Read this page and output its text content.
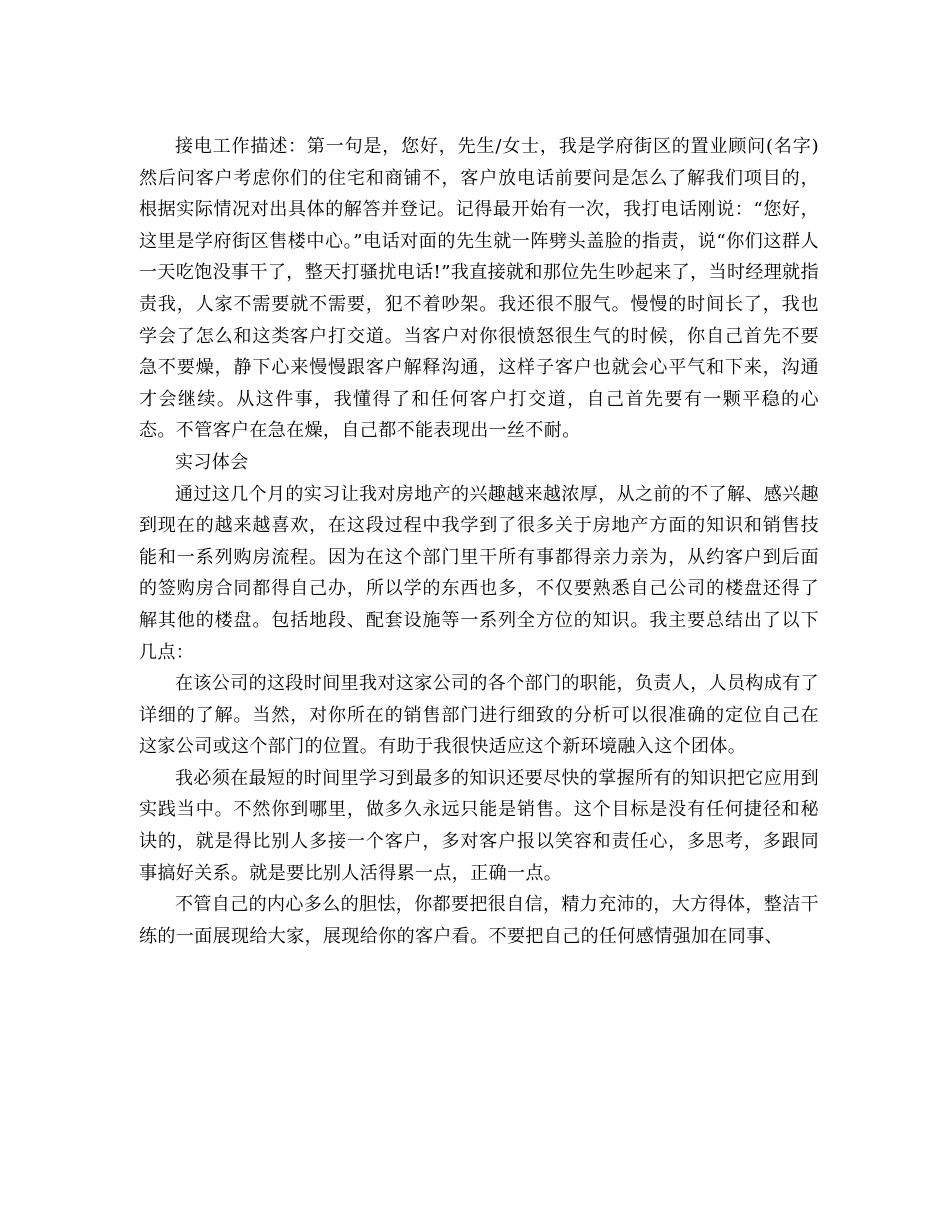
接电工作描述：第一句是，您好，先生/女士，我是学府街区的置业顾问(名字)然后问客户考虑你们的住宅和商铺不，客户放电话前要问是怎么了解我们项目的，根据实际情况对出具体的解答并登记。记得最开始有一次，我打电话刚说：“您好，这里是学府街区售楼中心。”电话对面的先生就一阵劈头盖脸的指责，说“你们这群人一天吃饱没事干了，整天打骚扰电话!”我直接就和那位先生吵起来了，当时经理就指责我，人家不需要就不需要，犯不着吵架。我还很不服气。慢慢的时间长了，我也学会了怎么和这类客户打交道。当客户对你很愤怒很生气的时候，你自己首先不要急不要燥，静下心来慢慢跟客户解释沟通，这样子客户也就会心平气和下来，沟通才会继续。从这件事，我懂得了和任何客户打交道，自己首先要有一颗平稳的心态。不管客户在急在燥，自己都不能表现出一丝不耐。

实习体会

通过这几个月的实习让我对房地产的兴趣越来越浓厚，从之前的不了解、感兴趣到现在的越来越喜欢，在这段过程中我学到了很多关于房地产方面的知识和销售技能和一系列购房流程。因为在这个部门里干所有事都得亲力亲为，从约客户到后面的签购房合同都得自己办，所以学的东西也多，不仅要熟悉自己公司的楼盘还得了解其他的楼盘。包括地段、配套设施等一系列全方位的知识。我主要总结出了以下几点：

在该公司的这段时间里我对这家公司的各个部门的职能，负责人，人员构成有了详细的了解。当然，对你所在的销售部门进行细致的分析可以很准确的定位自己在这家公司或这个部门的位置。有助于我很快适应这个新环境融入这个团体。

我必须在最短的时间里学习到最多的知识还要尽快的掌握所有的知识把它应用到实践当中。不然你到哪里，做多久永远只能是销售。这个目标是没有任何捷径和秘诀的，就是得比别人多接一个客户，多对客户报以笑容和责任心，多思考，多跟同事搞好关系。就是要比别人活得累一点，正确一点。

不管自己的内心多么的胆怯，你都要把很自信，精力充沛的，大方得体，整洁干练的一面展现给大家，展现给你的客户看。不要把自己的任何感情强加在同事、
